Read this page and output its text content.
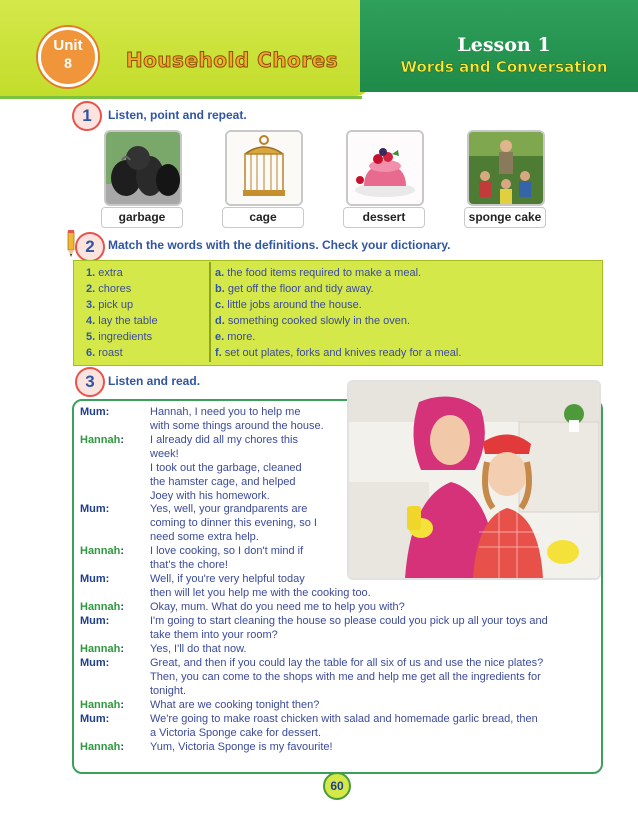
Unit
8	Household Chores
Lesson 1
Words and Conversation
1	Listen, point and repeat.
garbage	cage	dessert	sponge cake
2	Match the words with the definitions. Check your dictionary.
1. extra
2. chores
3. pick up
4. lay the table
5. ingredients
6. roast
a. the food items required to make a meal.
b. get off the floor and tidy away.
c. little jobs around the house.
d. something cooked slowly in the oven.
e. more.
f. set out plates, forks and knives ready for a meal.
3	Listen and read.
Mum:	Hannah, I need you to help me
with some things around the house.
Hannah:	I already did all my chores this
week!
I took out the garbage, cleaned
the hamster cage, and helped
Joey with his homework.
Mum:	Yes, well, your grandparents are
coming to dinner this evening, so I
need some extra help.
Hannah:	I love cooking, so I don't mind if
that's the chore!
Mum:	Well, if you're very helpful today
then will let you help me with the cooking too.
Hannah:	Okay, mum. What do you need me to help you with?
Mum:	I'm going to start cleaning the house so please could you pick up all your toys and
take them into your room?
Hannah:	Yes, I'll do that now.
Mum:	Great, and then if you could lay the table for all six of us and use the nice plates?
Then, you can come to the shops with me and help me get all the ingredients for
tonight.
Hannah:	What are we cooking tonight then?
Mum:	We're going to make roast chicken with salad and homemade garlic bread, then
a Victoria Sponge cake for dessert.
Hannah:	Yum, Victoria Sponge is my favourite!
60
